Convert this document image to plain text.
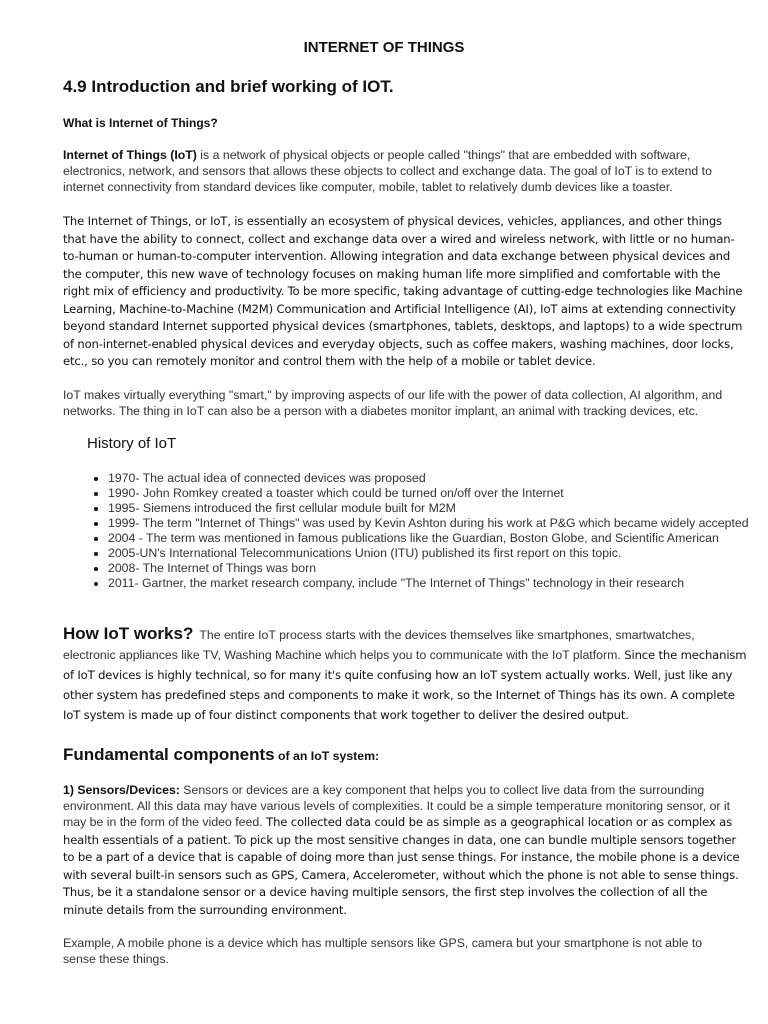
INTERNET OF THINGS
4.9 Introduction and brief working of IOT.
What is Internet of Things?
Internet of Things (IoT) is a network of physical objects or people called "things" that are embedded with software, electronics, network, and sensors that allows these objects to collect and exchange data. The goal of IoT is to extend to internet connectivity from standard devices like computer, mobile, tablet to relatively dumb devices like a toaster.
The Internet of Things, or IoT, is essentially an ecosystem of physical devices, vehicles, appliances, and other things that have the ability to connect, collect and exchange data over a wired and wireless network, with little or no human-to-human or human-to-computer intervention. Allowing integration and data exchange between physical devices and the computer, this new wave of technology focuses on making human life more simplified and comfortable with the right mix of efficiency and productivity. To be more specific, taking advantage of cutting-edge technologies like Machine Learning, Machine-to-Machine (M2M) Communication and Artificial Intelligence (AI), IoT aims at extending connectivity beyond standard Internet supported physical devices (smartphones, tablets, desktops, and laptops) to a wide spectrum of non-internet-enabled physical devices and everyday objects, such as coffee makers, washing machines, door locks, etc., so you can remotely monitor and control them with the help of a mobile or tablet device.
IoT makes virtually everything "smart," by improving aspects of our life with the power of data collection, AI algorithm, and networks. The thing in IoT can also be a person with a diabetes monitor implant, an animal with tracking devices, etc.
History of IoT
• 1970- The actual idea of connected devices was proposed
• 1990- John Romkey created a toaster which could be turned on/off over the Internet
• 1995- Siemens introduced the first cellular module built for M2M
• 1999- The term "Internet of Things" was used by Kevin Ashton during his work at P&G which became widely accepted
• 2004 - The term was mentioned in famous publications like the Guardian, Boston Globe, and Scientific American
• 2005-UN's International Telecommunications Union (ITU) published its first report on this topic.
• 2008- The Internet of Things was born
• 2011- Gartner, the market research company, include "The Internet of Things" technology in their research
How IoT works? The entire IoT process starts with the devices themselves like smartphones, smartwatches, electronic appliances like TV, Washing Machine which helps you to communicate with the IoT platform. Since the mechanism of IoT devices is highly technical, so for many it's quite confusing how an IoT system actually works. Well, just like any other system has predefined steps and components to make it work, so the Internet of Things has its own. A complete IoT system is made up of four distinct components that work together to deliver the desired output.
Fundamental components of an IoT system:
1) Sensors/Devices: Sensors or devices are a key component that helps you to collect live data from the surrounding environment. All this data may have various levels of complexities. It could be a simple temperature monitoring sensor, or it may be in the form of the video feed. The collected data could be as simple as a geographical location or as complex as health essentials of a patient. To pick up the most sensitive changes in data, one can bundle multiple sensors together to be a part of a device that is capable of doing more than just sense things. For instance, the mobile phone is a device with several built-in sensors such as GPS, Camera, Accelerometer, without which the phone is not able to sense things. Thus, be it a standalone sensor or a device having multiple sensors, the first step involves the collection of all the minute details from the surrounding environment.
Example, A mobile phone is a device which has multiple sensors like GPS, camera but your smartphone is not able to sense these things.
